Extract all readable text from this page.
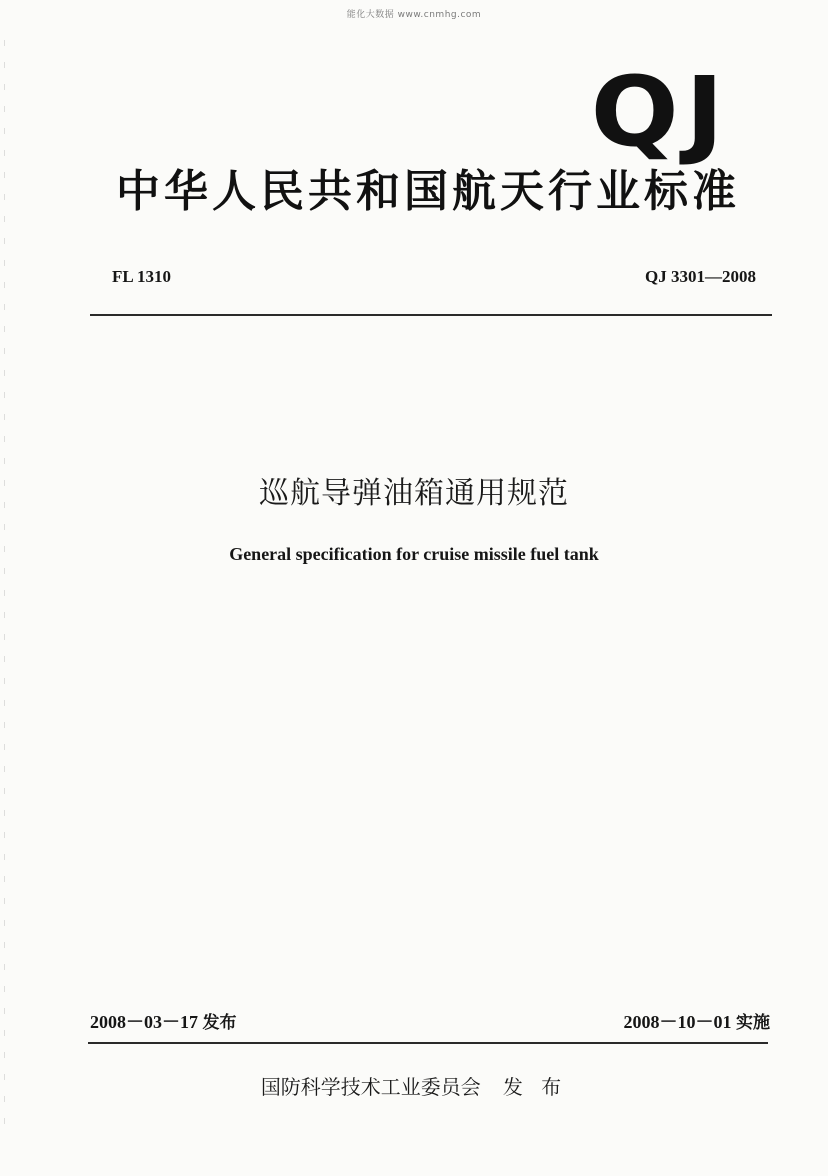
能化大数据 www.cnmhg.com
QJ
中华人民共和国航天行业标准
FL 1310	QJ 3301—2008
巡航导弹油箱通用规范
General specification for cruise missile fuel tank
2008－03－17 发布	2008－10－01 实施
国防科学技术工业委员会 发 布
